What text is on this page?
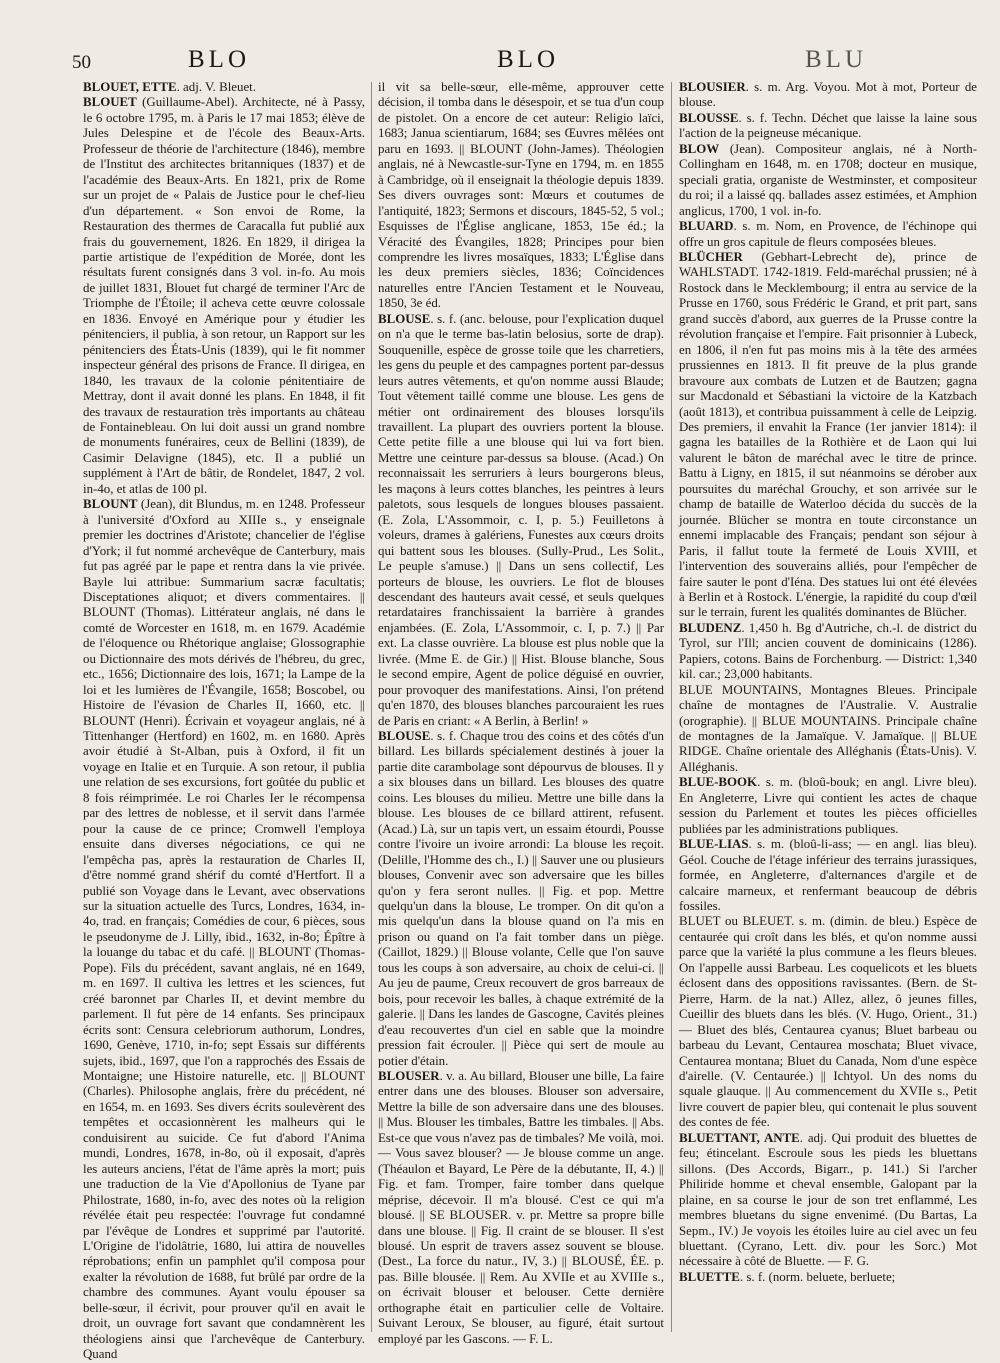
50	BLO	BLO	BLU

BLOUET, ETTE. adj. V. Bleuet.

BLOUET (Guillaume-Abel). Architecte, né à Passy, le 6 octobre 1795, m. à Paris le 17 mai 1853; élève de Jules Delespine et de l'école des Beaux-Arts. Professeur de théorie de l'architecture (1846), membre de l'Institut des architectes britanniques (1837) et de l'académie des Beaux-Arts. En 1821, prix de Rome sur un projet de « Palais de Justice pour le chef-lieu d'un département. « Son envoi de Rome, la Restauration des thermes de Caracalla fut publié aux frais du gouvernement, 1826. En 1829, il dirigea la partie artistique de l'expédition de Morée, dont les résultats furent consignés dans 3 vol. in-fo. Au mois de juillet 1831, Blouet fut chargé de terminer l'Arc de Triomphe de l'Étoile; il acheva cette œuvre colossale en 1836. Envoyé en Amérique pour y étudier les pénitenciers, il publia, à son retour, un Rapport sur les pénitenciers des États-Unis (1839), qui le fit nommer inspecteur général des prisons de France. Il dirigea, en 1840, les travaux de la colonie pénitentiaire de Mettray, dont il avait donné les plans. En 1848, il fit des travaux de restauration très importants au château de Fontainebleau. On lui doit aussi un grand nombre de monuments funéraires, ceux de Bellini (1839), de Casimir Delavigne (1845), etc. Il a publié un supplément à l'Art de bâtir, de Rondelet, 1847, 2 vol. in-4o, et atlas de 100 pl.

BLOUNT (Jean), dit Blundus, m. en 1248. Professeur à l'université d'Oxford au XIIIe s., y enseignale premier les doctrines d'Aristote; chancelier de l'église d'York; il fut nommé archevêque de Canterbury, mais fut pas agréé par le pape et rentra dans la vie privée. Bayle lui attribue: Summarium sacræ facultatis; Disceptationes aliquot; et divers commentaires. || BLOUNT (Thomas). Littérateur anglais, né dans le comté de Worcester en 1618, m. en 1679. Académie de l'éloquence ou Rhétorique anglaise; Glossographie ou Dictionnaire des mots dérivés de l'hébreu, du grec, etc., 1656; Dictionnaire des lois, 1671; la Lampe de la loi et les lumières de l'Évangile, 1658; Boscobel, ou Histoire de l'évasion de Charles II, 1660, etc. || BLOUNT (Henri). Écrivain et voyageur anglais, né à Tittenhanger (Hertford) en 1602, m. en 1680. Après avoir étudié à St-Alban, puis à Oxford, il fit un voyage en Italie et en Turquie. A son retour, il publia une relation de ses excursions, fort goûtée du public et 8 fois réimprimée. Le roi Charles Ier le récompensa par des lettres de noblesse, et il servit dans l'armée pour la cause de ce prince; Cromwell l'employa ensuite dans diverses négociations, ce qui ne l'empêcha pas, après la restauration de Charles II, d'être nommé grand shérif du comté d'Hertfort. Il a publié son Voyage dans le Levant, avec observations sur la situation actuelle des Turcs, Londres, 1634, in-4o, trad. en français; Comédies de cour, 6 pièces, sous le pseudonyme de J. Lilly, ibid., 1632, in-8o; Épître à la louange du tabac et du café. || BLOUNT (Thomas-Pope). Fils du précédent, savant anglais, né en 1649, m. en 1697. Il cultiva les lettres et les sciences, fut créé baronnet par Charles II, et devint membre du parlement. Il fut père de 14 enfants. Ses principaux écrits sont: Censura celebriorum authorum, Londres, 1690, Genève, 1710, in-fo; sept Essais sur différents sujets, ibid., 1697, que l'on a rapprochés des Essais de Montaigne; une Histoire naturelle, etc. || BLOUNT (Charles). Philosophe anglais, frère du précédent, né en 1654, m. en 1693. Ses divers écrits soulevèrent des tempêtes et occasionnèrent les malheurs qui le conduisirent au suicide. Ce fut d'abord l'Anima mundi, Londres, 1678, in-8o, où il exposait, d'après les auteurs anciens, l'état de l'âme après la mort; puis une traduction de la Vie d'Apollonius de Tyane par Philostrate, 1680, in-fo, avec des notes où la religion révélée était peu respectée: l'ouvrage fut condamné par l'évêque de Londres et supprimé par l'autorité. L'Origine de l'idolâtrie, 1680, lui attira de nouvelles réprobations; enfin un pamphlet qu'il composa pour exalter la révolution de 1688, fut brûlé par ordre de la chambre des communes. Ayant voulu épouser sa belle-sœur, il écrivit, pour prouver qu'il en avait le droit, un ouvrage fort savant que condamnèrent les théologiens ainsi que l'archevêque de Canterbury. Quand

il vit sa belle-sœur, elle-même, approuver cette décision, il tomba dans le désespoir, et se tua d'un coup de pistolet. On a encore de cet auteur: Religio laïci, 1683; Janua scientiarum, 1684; ses Œuvres mêlées ont paru en 1693. || BLOUNT (John-James). Théologien anglais, né à Newcastle-sur-Tyne en 1794, m. en 1855 à Cambridge, où il enseignait la théologie depuis 1839. Ses divers ouvrages sont: Mœurs et coutumes de l'antiquité, 1823; Sermons et discours, 1845-52, 5 vol.; Esquisses de l'Église anglicane, 1853, 15e éd.; la Véracité des Évangiles, 1828; Principes pour bien comprendre les livres mosaïques, 1833; L'Église dans les deux premiers siècles, 1836; Coïncidences naturelles entre l'Ancien Testament et le Nouveau, 1850, 3e éd.

BLOUSE. s. f. (anc. belouse, pour l'explication duquel on n'a que le terme bas-latin belosius, sorte de drap). Souquenille, espèce de grosse toile que les charretiers, les gens du peuple et des campagnes portent par-dessus leurs autres vêtements, et qu'on nomme aussi Blaude; Tout vêtement taillé comme une blouse. Les gens de métier ont ordinairement des blouses lorsqu'ils travaillent. La plupart des ouvriers portent la blouse. Cette petite fille a une blouse qui lui va fort bien. Mettre une ceinture par-dessus sa blouse. (Acad.) On reconnaissait les serruriers à leurs bourgerons bleus, les maçons à leurs cottes blanches, les peintres à leurs paletots, sous lesquels de longues blouses passaient. (E. Zola, L'Assommoir, c. I, p. 5.) Feuilletons à voleurs, drames à galériens, Funestes aux cœurs droits qui battent sous les blouses. (Sully-Prud., Les Solit., Le peuple s'amuse.) || Dans un sens collectif, Les porteurs de blouse, les ouvriers. Le flot de blouses descendant des hauteurs avait cessé, et seuls quelques retardataires franchissaient la barrière à grandes enjambées. (E. Zola, L'Assommoir, c. I, p. 7.) || Par ext. La classe ouvrière. La blouse est plus noble que la livrée. (Mme E. de Gir.) || Hist. Blouse blanche, Sous le second empire, Agent de police déguisé en ouvrier, pour provoquer des manifestations. Ainsi, l'on prétend qu'en 1870, des blouses blanches parcouraient les rues de Paris en criant: « A Berlin, à Berlin! »

BLOUSE. s. f. Chaque trou des coins et des côtés d'un billard. Les billards spécialement destinés à jouer la partie dite carambolage sont dépourvus de blouses. Il y a six blouses dans un billard. Les blouses des quatre coins. Les blouses du milieu. Mettre une bille dans la blouse. Les blouses de ce billard attirent, refusent. (Acad.) Là, sur un tapis vert, un essaim étourdi, Pousse contre l'ivoire un ivoire arrondi: La blouse les reçoit. (Delille, l'Homme des ch., I.) || Sauver une ou plusieurs blouses, Convenir avec son adversaire que les billes qu'on y fera seront nulles. || Fig. et pop. Mettre quelqu'un dans la blouse, Le tromper. On dit qu'on a mis quelqu'un dans la blouse quand on l'a mis en prison ou quand on l'a fait tomber dans un piège. (Caillot, 1829.) || Blouse volante, Celle que l'on sauve tous les coups à son adversaire, au choix de celui-ci. || Au jeu de paume, Creux recouvert de gros barreaux de bois, pour recevoir les balles, à chaque extrémité de la galerie. || Dans les landes de Gascogne, Cavités pleines d'eau recouvertes d'un ciel en sable que la moindre pression fait écrouler. || Pièce qui sert de moule au potier d'étain.

BLOUSER. v. a. Au billard, Blouser une bille, La faire entrer dans une des blouses. Blouser son adversaire, Mettre la bille de son adversaire dans une des blouses. || Mus. Blouser les timbales, Battre les timbales. || Abs. Est-ce que vous n'avez pas de timbales? Me voilà, moi. — Vous savez blouser? — Je blouse comme un ange. (Théaulon et Bayard, Le Père de la débutante, II, 4.) || Fig. et fam. Tromper, faire tomber dans quelque méprise, décevoir. Il m'a blousé. C'est ce qui m'a blousé. || SE BLOUSER. v. pr. Mettre sa propre bille dans une blouse. || Fig. Il craint de se blouser. Il s'est blousé. Un esprit de travers assez souvent se blouse. (Dest., La force du natur., IV, 3.) || BLOUSÉ, ÉE. p. pas. Bille blousée. || Rem. Au XVIIe et au XVIIIe s., on écrivait blouser et belouser. Cette dernière orthographe était en particulier celle de Voltaire. Suivant Leroux, Se blouser, au figuré, était surtout employé par les Gascons. — F. L.

BLOUSIER. s. m. Arg. Voyou. Mot à mot, Porteur de blouse.

BLOUSSE. s. f. Techn. Déchet que laisse la laine sous l'action de la peigneuse mécanique.

BLOW (Jean). Compositeur anglais, né à North-Collingham en 1648, m. en 1708; docteur en musique, speciali gratia, organiste de Westminster, et compositeur du roi; il a laissé qq. ballades assez estimées, et Amphion anglicus, 1700, 1 vol. in-fo.

BLUARD. s. m. Nom, en Provence, de l'échinope qui offre un gros capitule de fleurs composées bleues.

BLÜCHER (Gebhart-Lebrecht de), prince de WAHLSTADT. 1742-1819. Feld-maréchal prussien; né à Rostock dans le Mecklembourg; il entra au service de la Prusse en 1760, sous Frédéric le Grand, et prit part, sans grand succès d'abord, aux guerres de la Prusse contre la révolution française et l'empire. Fait prisonnier à Lubeck, en 1806, il n'en fut pas moins mis à la tête des armées prussiennes en 1813. Il fit preuve de la plus grande bravoure aux combats de Lutzen et de Bautzen; gagna sur Macdonald et Sébastiani la victoire de la Katzbach (août 1813), et contribua puissamment à celle de Leipzig. Des premiers, il envahit la France (1er janvier 1814): il gagna les batailles de la Rothière et de Laon qui lui valurent le bâton de maréchal avec le titre de prince. Battu à Ligny, en 1815, il sut néanmoins se dérober aux poursuites du maréchal Grouchy, et son arrivée sur le champ de bataille de Waterloo décida du succès de la journée. Blücher se montra en toute circonstance un ennemi implacable des Français; pendant son séjour à Paris, il fallut toute la fermeté de Louis XVIII, et l'intervention des souverains alliés, pour l'empêcher de faire sauter le pont d'Iéna. Des statues lui ont été élevées à Berlin et à Rostock. L'énergie, la rapidité du coup d'œil sur le terrain, furent les qualités dominantes de Blücher.

BLUDENZ. 1,450 h. Bg d'Autriche, ch.-l. de district du Tyrol, sur l'Ill; ancien couvent de dominicains (1286). Papiers, cotons. Bains de Forchenburg. — District: 1,340 kil. car.; 23,000 habitants.

BLUE MOUNTAINS, Montagnes Bleues. Principale chaîne de montagnes de l'Australie. V. Australie (orographie). || BLUE MOUNTAINS. Principale chaîne de montagnes de la Jamaïque. V. Jamaïque. || BLUE RIDGE. Chaîne orientale des Alléghanis (États-Unis). V. Alléghanis.

BLUE-BOOK. s. m. (bloû-bouk; en angl. Livre bleu). En Angleterre, Livre qui contient les actes de chaque session du Parlement et toutes les pièces officielles publiées par les administrations publiques.

BLUE-LIAS. s. m. (bloû-li-ass; — en angl. lias bleu). Géol. Couche de l'étage inférieur des terrains jurassiques, formée, en Angleterre, d'alternances d'argile et de calcaire marneux, et renfermant beaucoup de débris fossiles.

BLUET ou BLEUET. s. m. (dimin. de bleu.) Espèce de centaurée qui croît dans les blés, et qu'on nomme aussi parce que la variété la plus commune a les fleurs bleues. On l'appelle aussi Barbeau. Les coquelicots et les bluets éclosent dans des oppositions ravissantes. (Bern. de St-Pierre, Harm. de la nat.) Allez, allez, ô jeunes filles, Cueillir des bluets dans les blés. (V. Hugo, Orient., 31.) — Bluet des blés, Centaurea cyanus; Bluet barbeau ou barbeau du Levant, Centaurea moschata; Bluet vivace, Centaurea montana; Bluet du Canada, Nom d'une espèce d'airelle. (V. Centaurée.) || Ichtyol. Un des noms du squale glauque. || Au commencement du XVIIe s., Petit livre couvert de papier bleu, qui contenait le plus souvent des contes de fée.

BLUETTANT, ANTE. adj. Qui produit des bluettes de feu; étincelant. Escroule sous les pieds les bluettans sillons. (Des Accords, Bigarr., p. 141.) Si l'archer Philiride homme et cheval ensemble, Galopant par la plaine, en sa course le jour de son tret enflammé, Les membres bluetans du signe envenimé. (Du Bartas, La Sepm., IV.) Je voyois les étoiles luire au ciel avec un feu bluettant. (Cyrano, Lett. div. pour les Sorc.) Mot nécessaire à côté de Bluette. — F. G.

BLUETTE. s. f. (norm. beluete, berluete;
